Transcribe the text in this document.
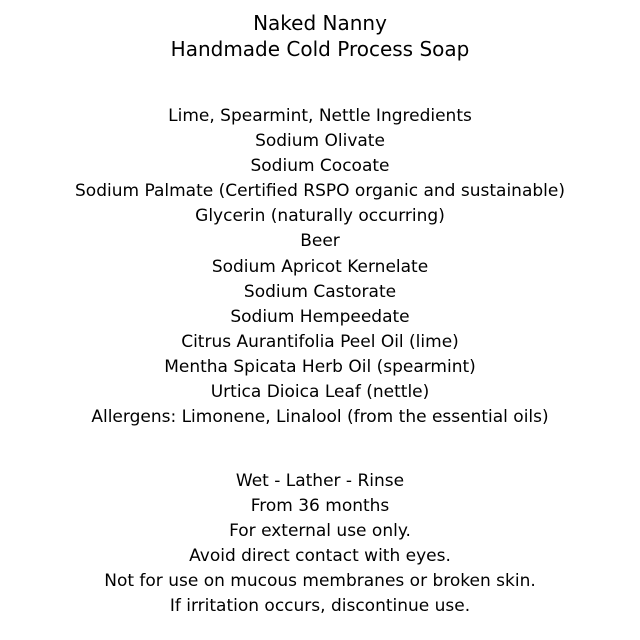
Naked Nanny
Handmade Cold Process Soap
Lime, Spearmint, Nettle Ingredients
Sodium Olivate
Sodium Cocoate
Sodium Palmate (Certified RSPO organic and sustainable)
Glycerin (naturally occurring)
Beer
Sodium Apricot Kernelate
Sodium Castorate
Sodium Hempeedate
Citrus Aurantifolia Peel Oil (lime)
Mentha Spicata Herb Oil (spearmint)
Urtica Dioica Leaf (nettle)
Allergens: Limonene, Linalool (from the essential oils)
Wet - Lather - Rinse
From 36 months
For external use only.
Avoid direct contact with eyes.
Not for use on mucous membranes or broken skin.
If irritation occurs, discontinue use.
